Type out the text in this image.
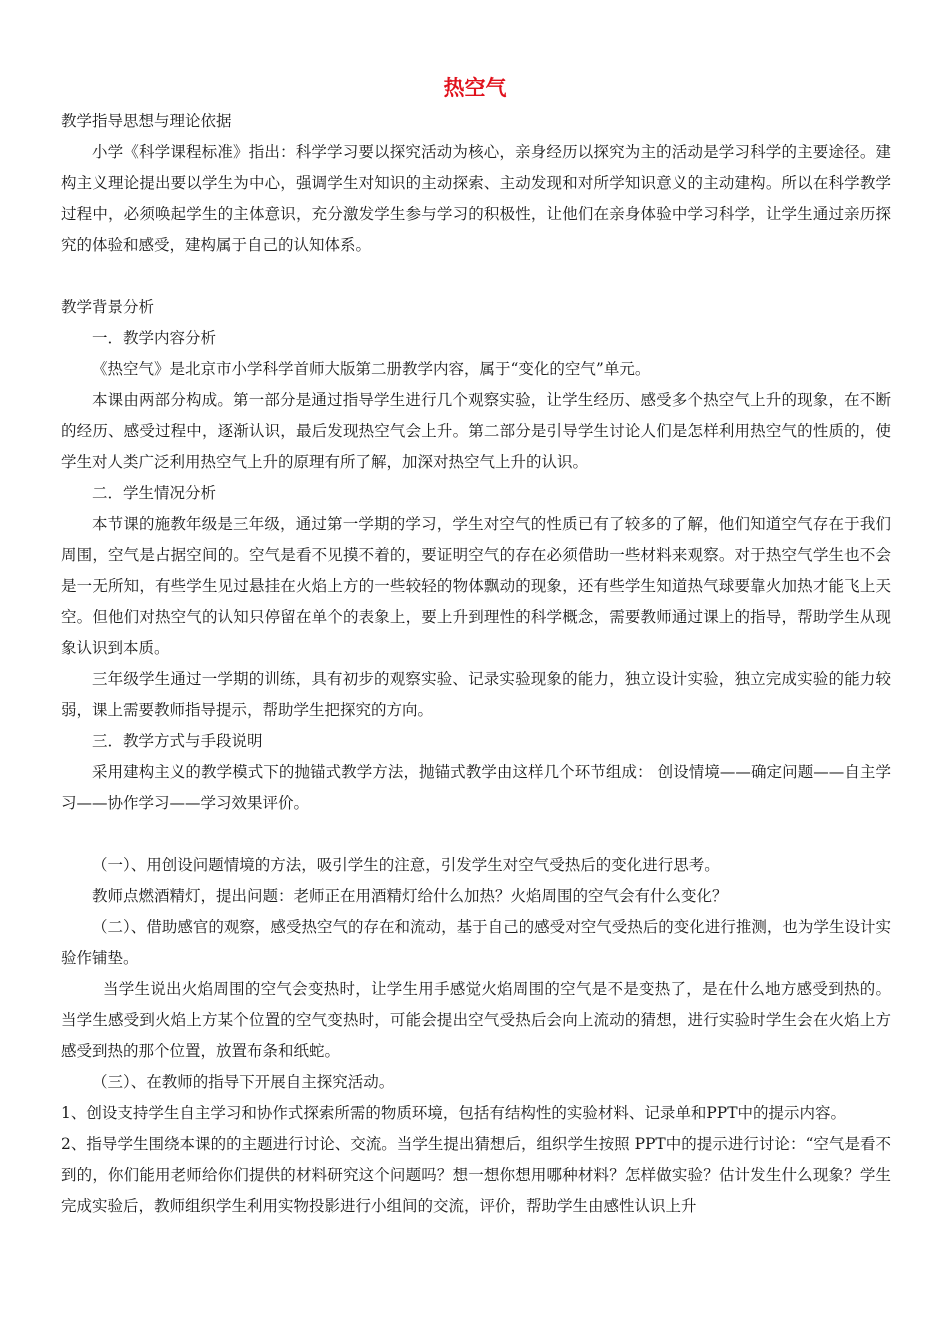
热空气

教学指导思想与理论依据

小学《科学课程标准》指出：科学学习要以探究活动为核心，亲身经历以探究为主的活动是学习科学的主要途径。建构主义理论提出要以学生为中心，强调学生对知识的主动探索、主动发现和对所学知识意义的主动建构。所以在科学教学过程中，必须唤起学生的主体意识，充分激发学生参与学习的积极性，让他们在亲身体验中学习科学，让学生通过亲历探究的体验和感受，建构属于自己的认知体系。

教学背景分析

一．教学内容分析

《热空气》是北京市小学科学首师大版第二册教学内容，属于“变化的空气”单元。

本课由两部分构成。第一部分是通过指导学生进行几个观察实验，让学生经历、感受多个热空气上升的现象，在不断的经历、感受过程中，逐渐认识，最后发现热空气会上升。第二部分是引导学生讨论人们是怎样利用热空气的性质的，使学生对人类广泛利用热空气上升的原理有所了解，加深对热空气上升的认识。

二．学生情况分析

本节课的施教年级是三年级，通过第一学期的学习，学生对空气的性质已有了较多的了解，他们知道空气存在于我们周围，空气是占据空间的。空气是看不见摸不着的，要证明空气的存在必须借助一些材料来观察。对于热空气学生也不会是一无所知，有些学生见过悬挂在火焰上方的一些较轻的物体飘动的现象，还有些学生知道热气球要靠火加热才能飞上天空。但他们对热空气的认知只停留在单个的表象上，要上升到理性的科学概念，需要教师通过课上的指导，帮助学生从现象认识到本质。

三年级学生通过一学期的训练，具有初步的观察实验、记录实验现象的能力，独立设计实验，独立完成实验的能力较弱，课上需要教师指导提示，帮助学生把探究的方向。

三．教学方式与手段说明

采用建构主义的教学模式下的抛锚式教学方法，抛锚式教学由这样几个环节组成： 创设情境——确定问题——自主学习——协作学习——学习效果评价。

（一）、用创设问题情境的方法，吸引学生的注意，引发学生对空气受热后的变化进行思考。

教师点燃酒精灯，提出问题：老师正在用酒精灯给什么加热？火焰周围的空气会有什么变化？

（二）、借助感官的观察，感受热空气的存在和流动，基于自己的感受对空气受热后的变化进行推测，也为学生设计实验作铺垫。

当学生说出火焰周围的空气会变热时，让学生用手感觉火焰周围的空气是不是变热了，是在什么地方感受到热的。当学生感受到火焰上方某个位置的空气变热时，可能会提出空气受热后会向上流动的猜想，进行实验时学生会在火焰上方感受到热的那个位置，放置布条和纸蛇。

（三）、在教师的指导下开展自主探究活动。

1、创设支持学生自主学习和协作式探索所需的物质环境，包括有结构性的实验材料、记录单和PPT中的提示内容。

2、指导学生围绕本课的的主题进行讨论、交流。当学生提出猜想后，组织学生按照 PPT中的提示进行讨论：“空气是看不到的，你们能用老师给你们提供的材料研究这个问题吗？想一想你想用哪种材料？怎样做实验？估计发生什么现象？学生完成实验后，教师组织学生利用实物投影进行小组间的交流，评价，帮助学生由感性认识上升
